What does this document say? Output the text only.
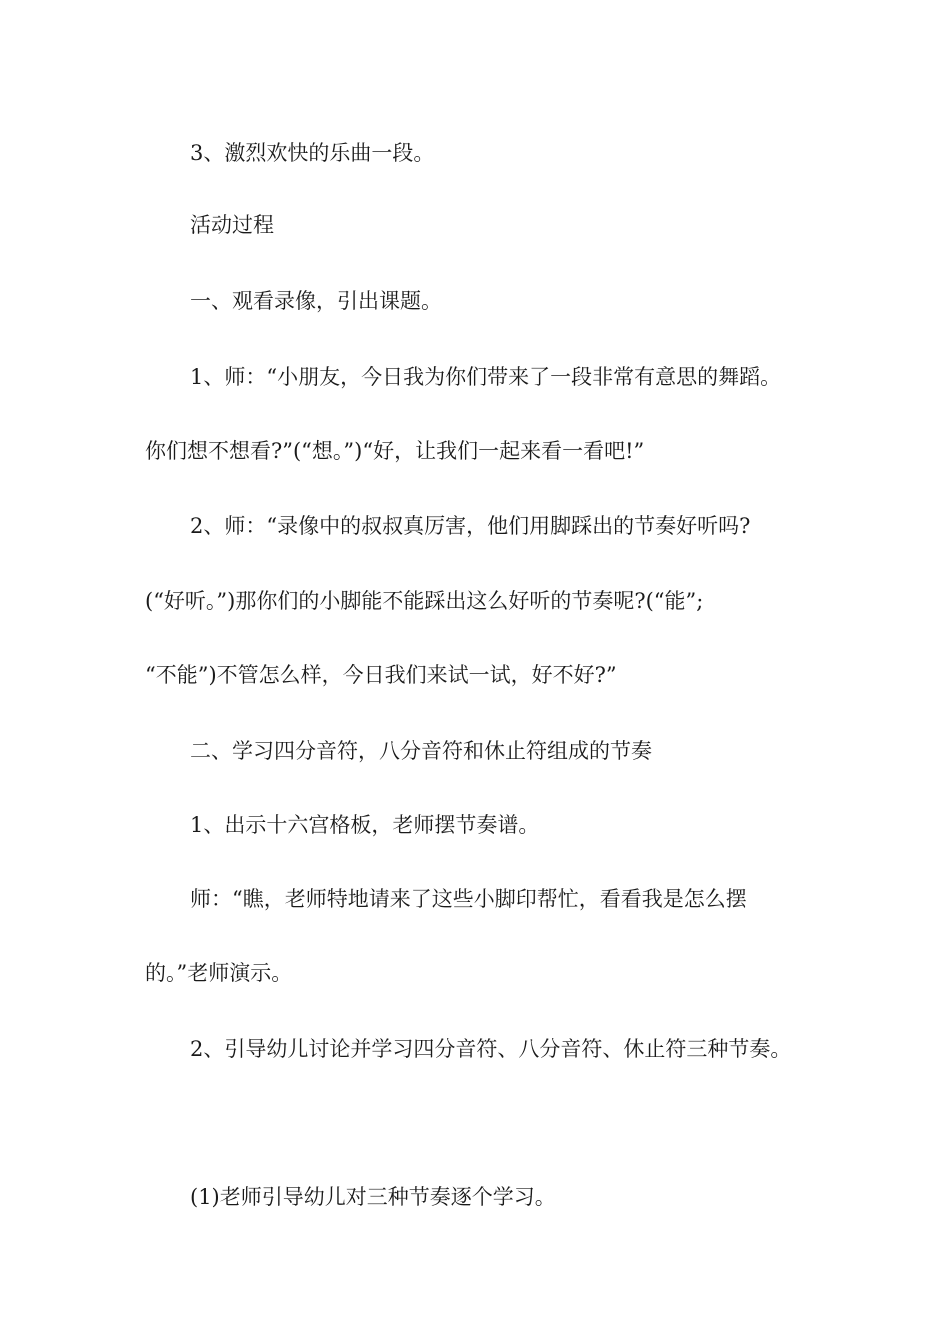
3、激烈欢快的乐曲一段。
活动过程
一、观看录像，引出课题。
1、师：“小朋友，今日我为你们带来了一段非常有意思的舞蹈。
你们想不想看?”(“想。”)“好，让我们一起来看一看吧!”
2、师：“录像中的叔叔真厉害，他们用脚踩出的节奏好听吗?
(“好听。”)那你们的小脚能不能踩出这么好听的节奏呢?(“能”;
“不能”)不管怎么样，今日我们来试一试，好不好?”
二、学习四分音符，八分音符和休止符组成的节奏
1、出示十六宫格板，老师摆节奏谱。
师：“瞧，老师特地请来了这些小脚印帮忙，看看我是怎么摆
的。”老师演示。
2、引导幼儿讨论并学习四分音符、八分音符、休止符三种节奏。
(1)老师引导幼儿对三种节奏逐个学习。
